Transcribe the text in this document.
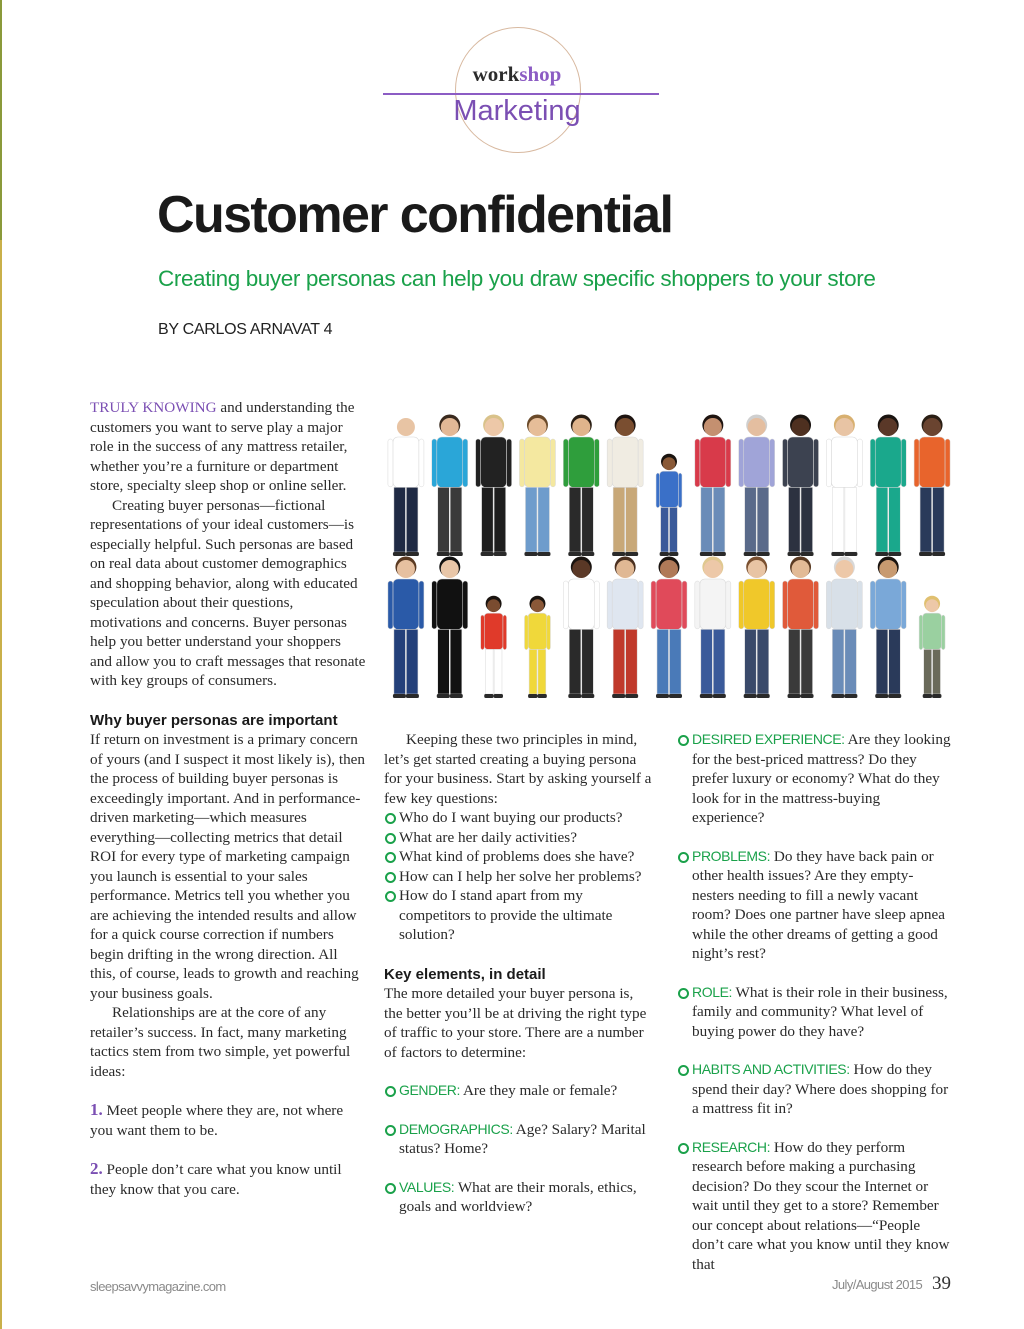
workshop
Marketing
Customer confidential
Creating buyer personas can help you draw specific shoppers to your store
BY CARLOS ARNAVAT 4

TRULY KNOWING and understanding the customers you want to serve play a major role in the success of any mattress retailer, whether you’re a furniture or department store, specialty sleep shop or online seller.

Creating buyer personas—fictional representations of your ideal customers—is especially helpful. Such personas are based on real data about customer demographics and shopping behavior, along with educated speculation about their questions, motivations and concerns. Buyer personas help you better understand your shoppers and allow you to craft messages that resonate with key groups of consumers.

Why buyer personas are important

If return on investment is a primary concern of yours (and I suspect it most likely is), then the process of building buyer personas is exceedingly important. And in performance-driven marketing—which measures everything—collecting metrics that detail ROI for every type of marketing campaign you launch is essential to your sales performance. Metrics tell you whether you are achieving the intended results and allow for a quick course correction if numbers begin drifting in the wrong direction. All this, of course, leads to growth and reaching your business goals.

Relationships are at the core of any retailer’s success. In fact, many marketing tactics stem from two simple, yet powerful ideas:

1. Meet people where they are, not where you want them to be.

2. People don’t care what you know until they know that you care.

Keeping these two principles in mind, let’s get started creating a buying persona for your business. Start by asking yourself a few key questions:

Who do I want buying our products?
What are her daily activities?
What kind of problems does she have?
How can I help her solve her problems?
How do I stand apart from my competitors to provide the ultimate solution?

Key elements, in detail

The more detailed your buyer persona is, the better you’ll be at driving the right type of traffic to your store. There are a number of factors to determine:

GENDER: Are they male or female?

DEMOGRAPHICS: Age? Salary? Marital status? Home?

VALUES: What are their morals, ethics, goals and worldview?

DESIRED EXPERIENCE: Are they looking for the best-priced mattress? Do they prefer luxury or economy? What do they look for in the mattress-buying experience?

PROBLEMS: Do they have back pain or other health issues? Are they empty-nesters needing to fill a newly vacant room? Does one partner have sleep apnea while the other dreams of getting a good night’s rest?

ROLE: What is their role in their business, family and community? What level of buying power do they have?

HABITS AND ACTIVITIES: How do they spend their day? Where does shopping for a mattress fit in?

RESEARCH: How do they perform research before making a purchasing decision? Do they scour the Internet or wait until they get to a store? Remember our concept about relations—“People don’t care what you know until they know that

sleepsavvymagazine.com	July/August 2015 39
